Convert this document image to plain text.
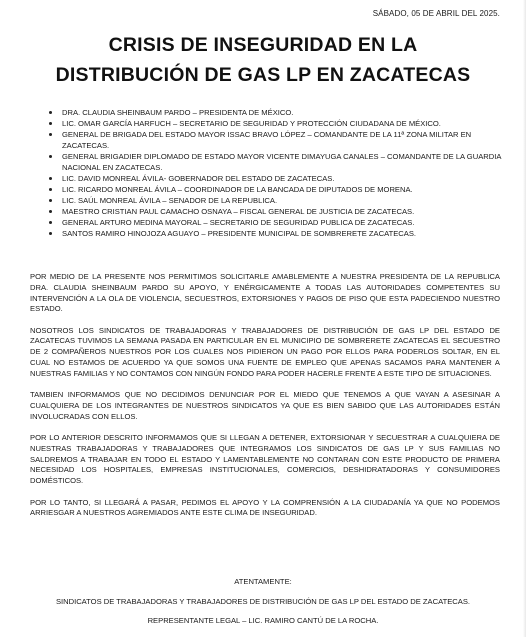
SÁBADO, 05 DE ABRIL DEL 2025.
CRISIS DE INSEGURIDAD EN LA
DISTRIBUCIÓN DE GAS LP EN ZACATECAS
DRA. CLAUDIA SHEINBAUM PARDO – PRESIDENTA DE MÉXICO.
LIC. OMAR GARCÍA HARFUCH – SECRETARIO DE SEGURIDAD Y PROTECCIÓN CIUDADANA DE MÉXICO.
GENERAL DE BRIGADA DEL ESTADO MAYOR ISSAC BRAVO LÓPEZ – COMANDANTE DE LA 11ª ZONA MILITAR EN ZACATECAS.
GENERAL BRIGADIER DIPLOMADO DE ESTADO MAYOR VICENTE DIMAYUGA CANALES – COMANDANTE DE LA GUARDIA NACIONAL EN ZACATECAS.
LIC. DAVID MONREAL ÁVILA- GOBERNADOR DEL ESTADO DE ZACATECAS.
LIC. RICARDO MONREAL ÁVILA – COORDINADOR DE LA BANCADA DE DIPUTADOS DE MORENA.
LIC. SAÚL MONREAL ÁVILA – SENADOR DE LA REPUBLICA.
MAESTRO CRISTIAN PAUL CAMACHO OSNAYA – FISCAL GENERAL DE JUSTICIA DE ZACATECAS.
GENERAL ARTURO MEDINA MAYORAL – SECRETARIO DE SEGURIDAD PUBLICA DE ZACATECAS.
SANTOS RAMIRO HINOJOZA AGUAYO – PRESIDENTE MUNICIPAL DE SOMBRERETE ZACATECAS.

POR MEDIO DE LA PRESENTE NOS PERMITIMOS SOLICITARLE AMABLEMENTE A NUESTRA PRESIDENTA DE LA REPUBLICA DRA. CLAUDIA SHEINBAUM PARDO SU APOYO, Y ENÉRGICAMENTE A TODAS LAS AUTORIDADES COMPETENTES SU INTERVENCIÓN A LA OLA DE VIOLENCIA, SECUESTROS, EXTORSIONES Y PAGOS DE PISO QUE ESTA PADECIENDO NUESTRO ESTADO.

NOSOTROS LOS SINDICATOS DE TRABAJADORAS Y TRABAJADORES DE DISTRIBUCIÓN DE GAS LP DEL ESTADO DE ZACATECAS TUVIMOS LA SEMANA PASADA EN PARTICULAR EN EL MUNICIPIO DE SOMBRERETE ZACATECAS EL SECUESTRO DE 2 COMPAÑEROS NUESTROS POR LOS CUALES NOS PIDIERON UN PAGO POR ELLOS PARA PODERLOS SOLTAR, EN EL CUAL NO ESTAMOS DE ACUERDO YA QUE SOMOS UNA FUENTE DE EMPLEO QUE APENAS SACAMOS PARA MANTENER A NUESTRAS FAMILIAS Y NO CONTAMOS CON NINGÚN FONDO PARA PODER HACERLE FRENTE A ESTE TIPO DE SITUACIONES.

TAMBIEN INFORMAMOS QUE NO DECIDIMOS DENUNCIAR POR EL MIEDO QUE TENEMOS A QUE VAYAN A ASESINAR A CUALQUIERA DE LOS INTEGRANTES DE NUESTROS SINDICATOS YA QUE ES BIEN SABIDO QUE LAS AUTORIDADES ESTÁN INVOLUCRADAS CON ELLOS.

POR LO ANTERIOR DESCRITO INFORMAMOS QUE SI LLEGAN A DETENER, EXTORSIONAR Y SECUESTRAR A CUALQUIERA DE NUESTRAS TRABAJADORAS Y TRABAJADORES QUE INTEGRAMOS LOS SINDICATOS DE GAS LP Y SUS FAMILIAS NO SALDREMOS A TRABAJAR EN TODO EL ESTADO Y LAMENTABLEMENTE NO CONTARAN CON ESTE PRODUCTO DE PRIMERA NECESIDAD LOS HOSPITALES, EMPRESAS INSTITUCIONALES, COMERCIOS, DESHIDRATADORAS Y CONSUMIDORES DOMÉSTICOS.

POR LO TANTO, SI LLEGARÁ A PASAR, PEDIMOS EL APOYO Y LA COMPRENSIÓN A LA CIUDADANÍA YA QUE NO PODEMOS ARRIESGAR A NUESTROS AGREMIADOS ANTE ESTE CLIMA DE INSEGURIDAD.

ATENTAMENTE:
SINDICATOS DE TRABAJADORAS Y TRABAJADORES DE DISTRIBUCIÓN DE GAS LP DEL ESTADO DE ZACATECAS.
REPRESENTANTE LEGAL – LIC. RAMIRO CANTÚ DE LA ROCHA.
